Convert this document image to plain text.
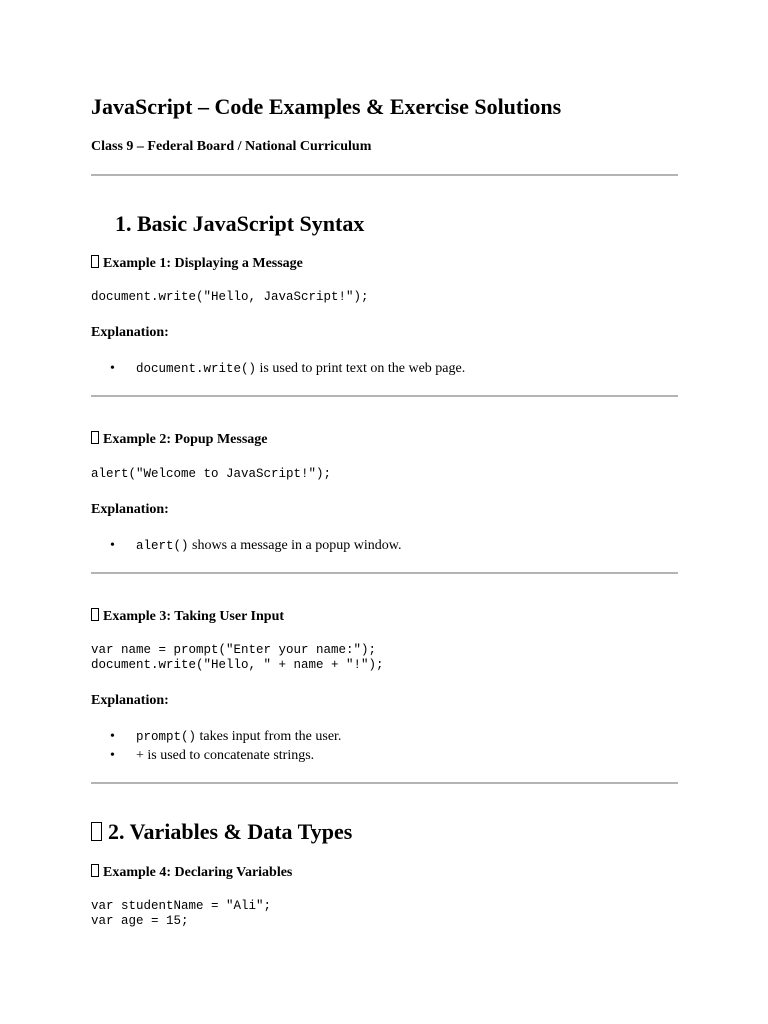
JavaScript – Code Examples & Exercise Solutions
Class 9 – Federal Board / National Curriculum
1. Basic JavaScript Syntax
Example 1: Displaying a Message
document.write("Hello, JavaScript!");
Explanation:
• document.write() is used to print text on the web page.
Example 2: Popup Message
alert("Welcome to JavaScript!");
Explanation:
• alert() shows a message in a popup window.
Example 3: Taking User Input
var name = prompt("Enter your name:");
document.write("Hello, " + name + "!");
Explanation:
• prompt() takes input from the user.
• + is used to concatenate strings.
2. Variables & Data Types
Example 4: Declaring Variables
var studentName = "Ali";
var age = 15;
